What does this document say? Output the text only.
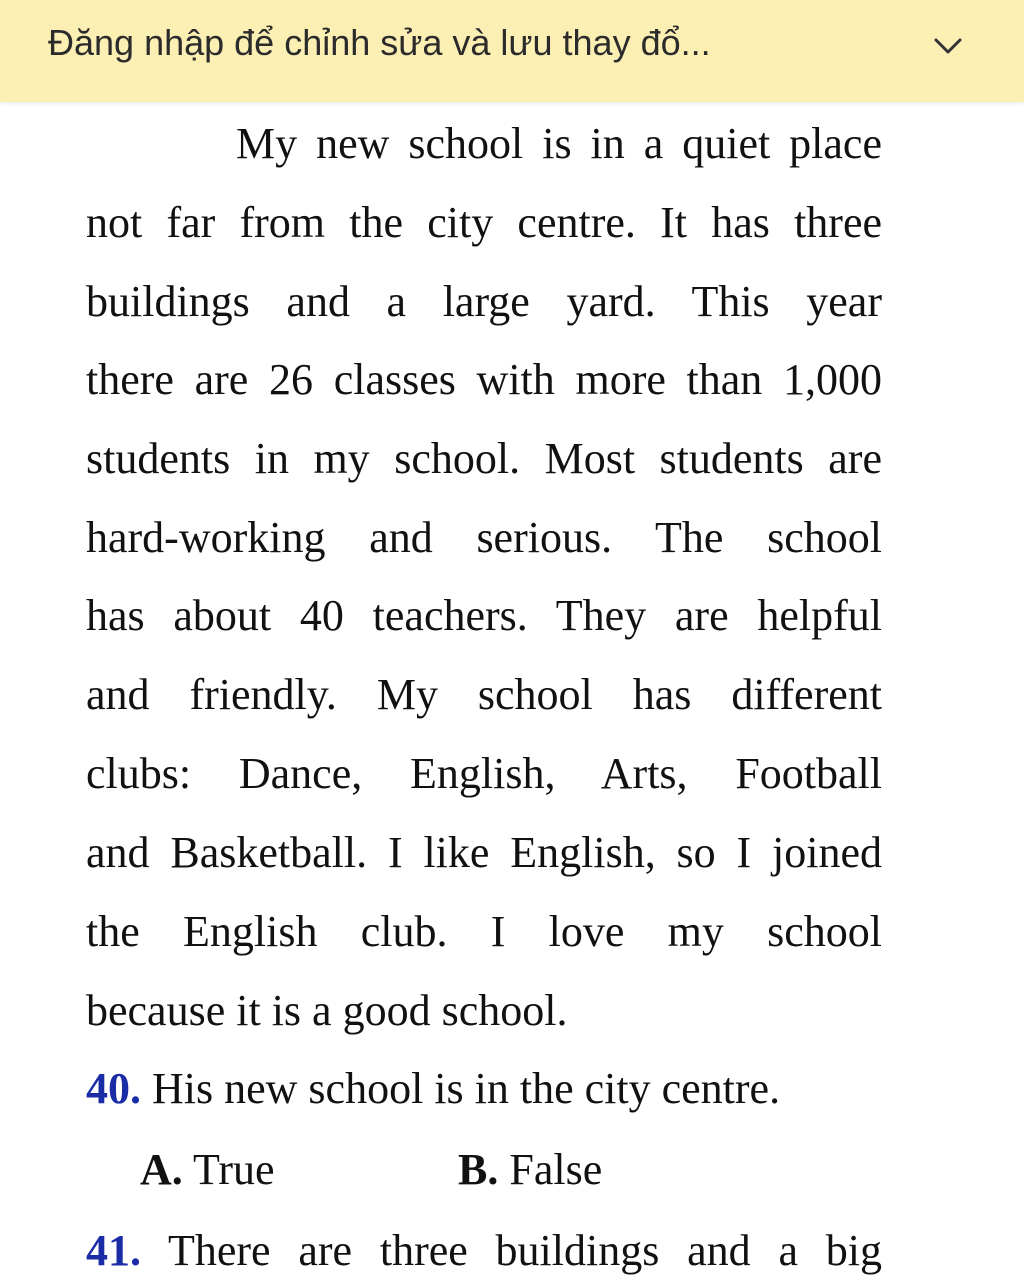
Đăng nhập để chỉnh sửa và lưu thay đổ...
My new school is in a quiet place
not far from the city centre. It has three
buildings and a large yard. This year
there are 26 classes with more than 1,000
students in my school. Most students are
hard-working and serious. The school
has about 40 teachers. They are helpful
and friendly. My school has different
clubs: Dance, English, Arts, Football
and Basketball. I like English, so I joined
the English club. I love my school
because it is a good school.
40. His new school is in the city centre.
A. True	B. False
41. There are three buildings and a big
